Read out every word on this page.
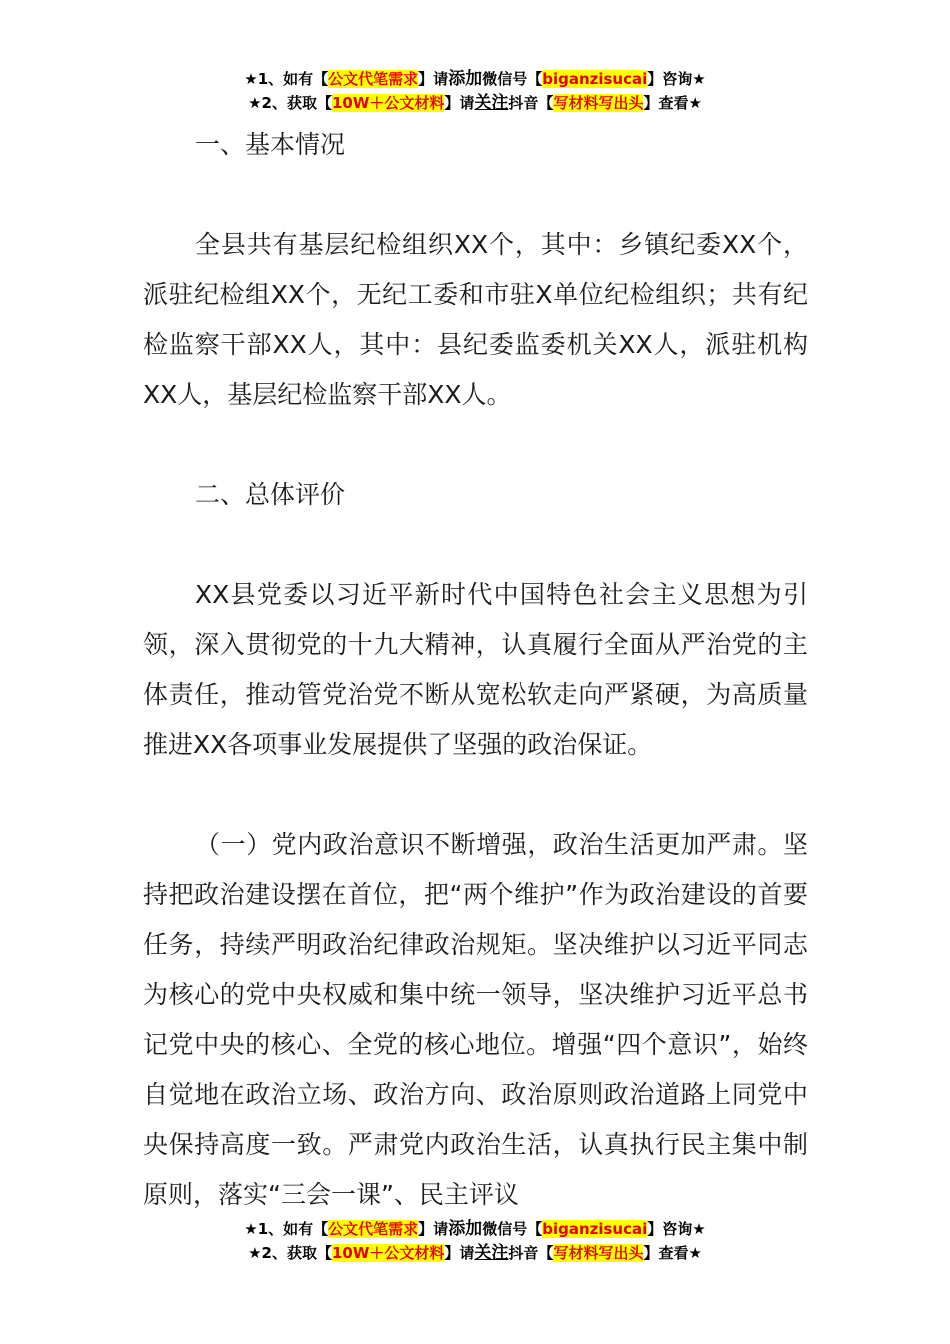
★1、如有【公文代笔需求】请添加微信号【biganzisucai】咨询★
★2、获取【10W＋公文材料】请关注抖音【写材料写出头】查看★

一、基本情况

全县共有基层纪检组织XX个，其中：乡镇纪委XX个，派驻纪检组XX个，无纪工委和市驻X单位纪检组织；共有纪检监察干部XX人，其中：县纪委监委机关XX人，派驻机构XX人，基层纪检监察干部XX人。

二、总体评价

XX县党委以习近平新时代中国特色社会主义思想为引领，深入贯彻党的十九大精神，认真履行全面从严治党的主体责任，推动管党治党不断从宽松软走向严紧硬，为高质量推进XX各项事业发展提供了坚强的政治保证。

（一）党内政治意识不断增强，政治生活更加严肃。坚持把政治建设摆在首位，把“两个维护”作为政治建设的首要任务，持续严明政治纪律政治规矩。坚决维护以习近平同志为核心的党中央权威和集中统一领导，坚决维护习近平总书记党中央的核心、全党的核心地位。增强“四个意识”，始终自觉地在政治立场、政治方向、政治原则政治道路上同党中央保持高度一致。严肃党内政治生活，认真执行民主集中制原则，落实“三会一课”、民主评议

★1、如有【公文代笔需求】请添加微信号【biganzisucai】咨询★
★2、获取【10W＋公文材料】请关注抖音【写材料写出头】查看★
